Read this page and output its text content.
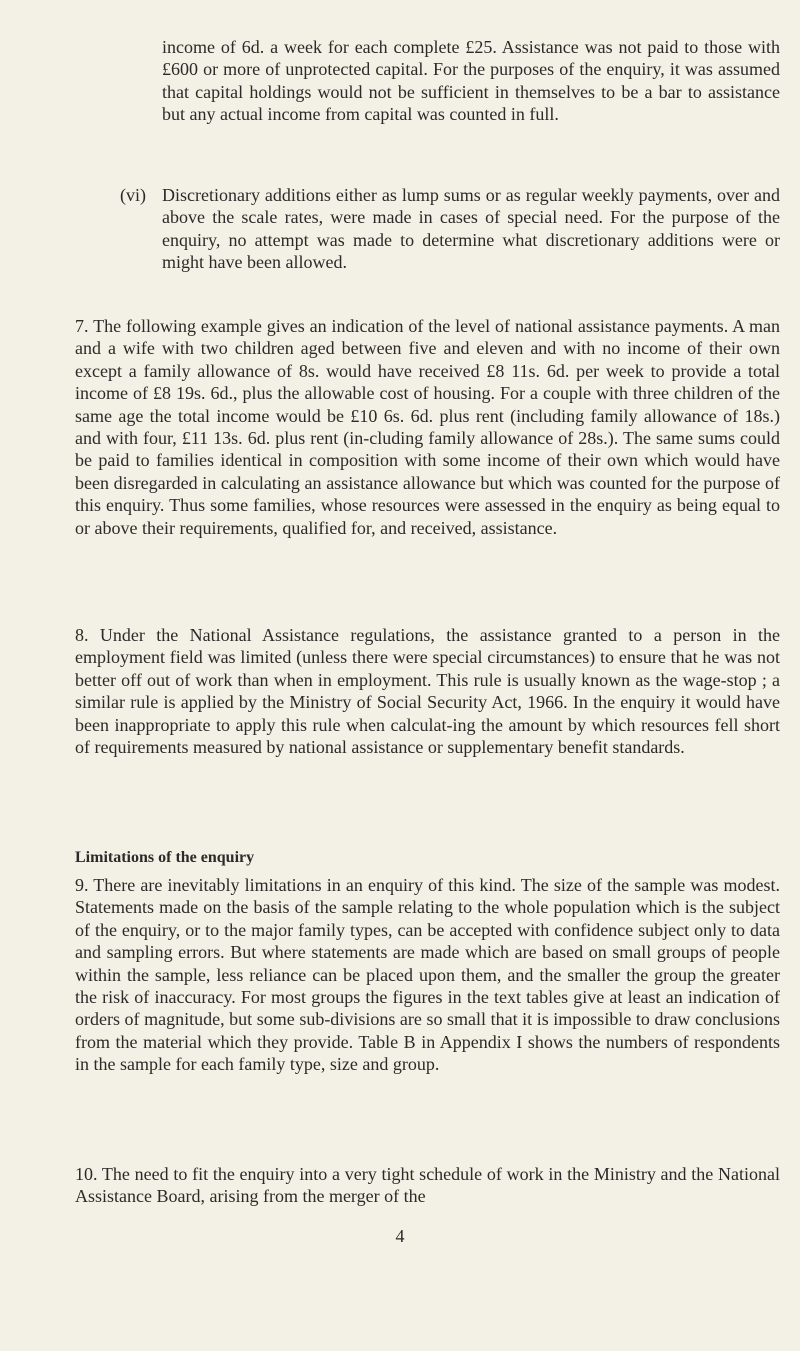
income of 6d. a week for each complete £25. Assistance was not paid to those with £600 or more of unprotected capital. For the purposes of the enquiry, it was assumed that capital holdings would not be sufficient in themselves to be a bar to assistance but any actual income from capital was counted in full.

(vi) Discretionary additions either as lump sums or as regular weekly payments, over and above the scale rates, were made in cases of special need. For the purpose of the enquiry, no attempt was made to determine what discretionary additions were or might have been allowed.

7. The following example gives an indication of the level of national assistance payments. A man and a wife with two children aged between five and eleven and with no income of their own except a family allowance of 8s. would have received £8 11s. 6d. per week to provide a total income of £8 19s. 6d., plus the allowable cost of housing. For a couple with three children of the same age the total income would be £10 6s. 6d. plus rent (including family allowance of 18s.) and with four, £11 13s. 6d. plus rent (in-cluding family allowance of 28s.). The same sums could be paid to families identical in composition with some income of their own which would have been disregarded in calculating an assistance allowance but which was counted for the purpose of this enquiry. Thus some families, whose resources were assessed in the enquiry as being equal to or above their requirements, qualified for, and received, assistance.

8. Under the National Assistance regulations, the assistance granted to a person in the employment field was limited (unless there were special circumstances) to ensure that he was not better off out of work than when in employment. This rule is usually known as the wage-stop ; a similar rule is applied by the Ministry of Social Security Act, 1966. In the enquiry it would have been inappropriate to apply this rule when calculat-ing the amount by which resources fell short of requirements measured by national assistance or supplementary benefit standards.

Limitations of the enquiry

9. There are inevitably limitations in an enquiry of this kind. The size of the sample was modest. Statements made on the basis of the sample relating to the whole population which is the subject of the enquiry, or to the major family types, can be accepted with confidence subject only to data and sampling errors. But where statements are made which are based on small groups of people within the sample, less reliance can be placed upon them, and the smaller the group the greater the risk of inaccuracy. For most groups the figures in the text tables give at least an indication of orders of magnitude, but some sub-divisions are so small that it is impossible to draw conclusions from the material which they provide. Table B in Appendix I shows the numbers of respondents in the sample for each family type, size and group.

10. The need to fit the enquiry into a very tight schedule of work in the Ministry and the National Assistance Board, arising from the merger of the

4
